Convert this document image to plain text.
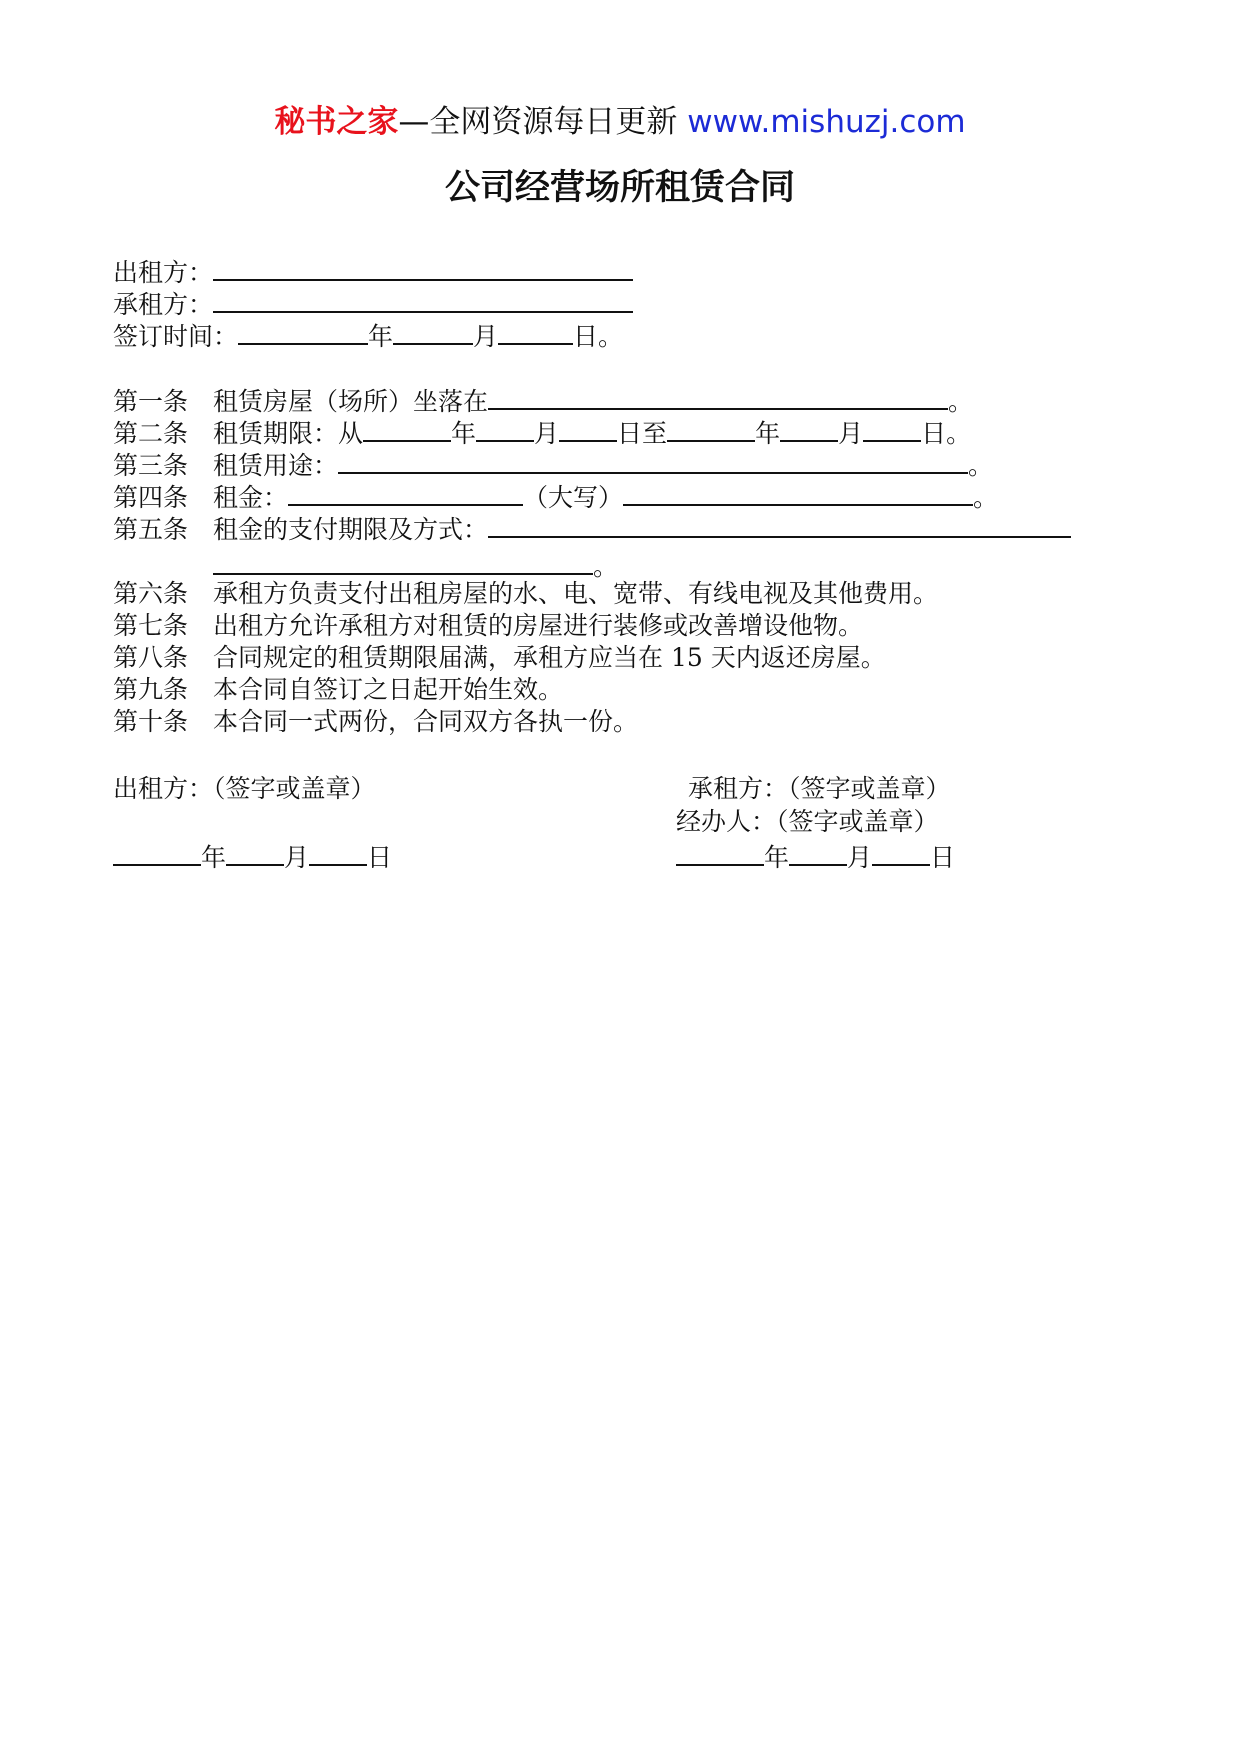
秘书之家—全网资源每日更新 www.mishuzj.com
公司经营场所租赁合同
出租方：
承租方：
签订时间：	年	月	日。
第一条 租赁房屋（场所）坐落在	。
第二条 租赁期限：从	年 月 日至	年 月 日。
第三条 租赁用途：	。
第四条 租金：	（大写）	。
第五条 租金的支付期限及方式：
。
第六条 承租方负责支付出租房屋的水、电、宽带、有线电视及其他费用。
第七条 出租方允许承租方对租赁的房屋进行装修或改善增设他物。
第八条 合同规定的租赁期限届满，承租方应当在 15 天内返还房屋。
第九条 本合同自签订之日起开始生效。
第十条 本合同一式两份，合同双方各执一份。
出租方：（签字或盖章）	承租方：（签字或盖章）
经办人：（签字或盖章）
年 月 日	年 月 日
